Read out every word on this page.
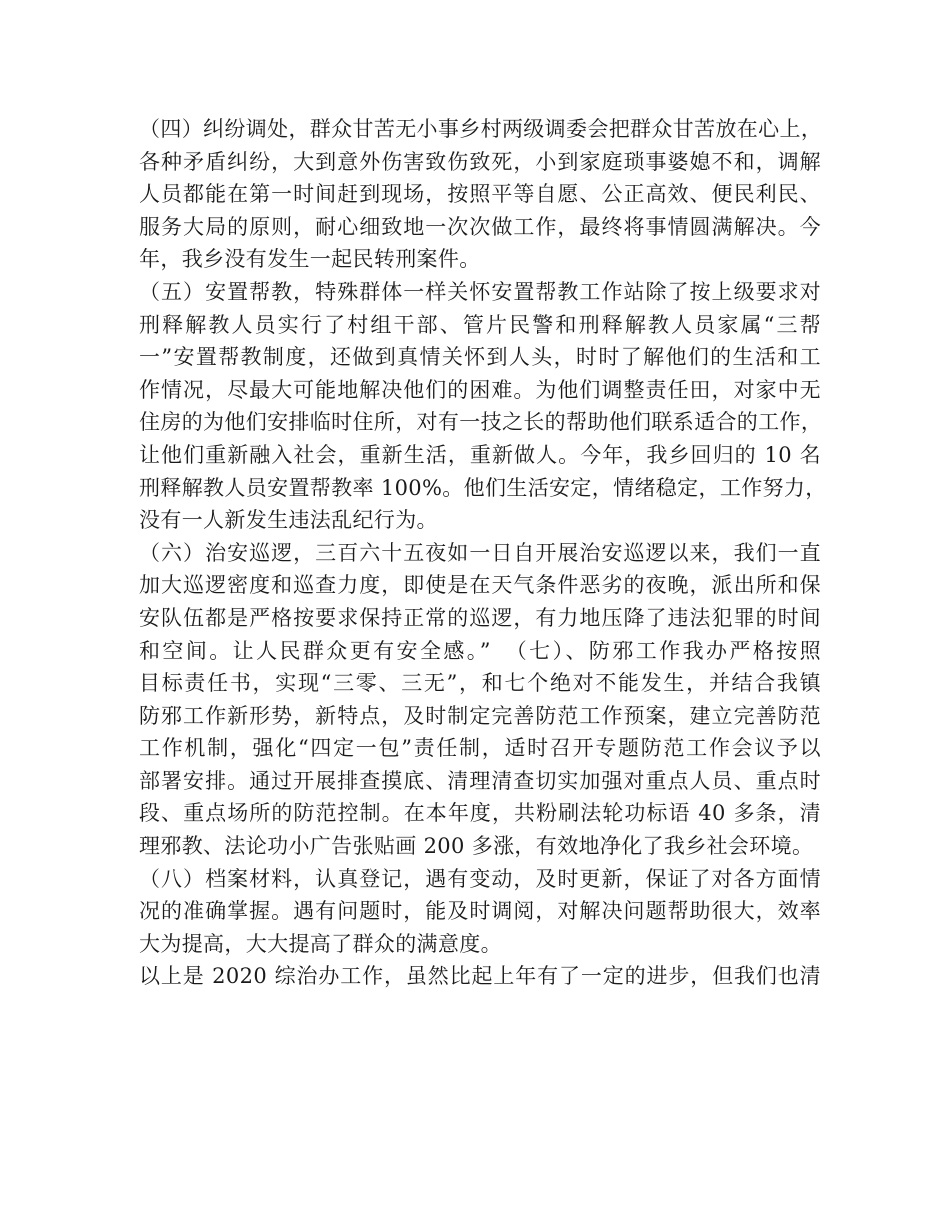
（四）纠纷调处，群众甘苦无小事乡村两级调委会把群众甘苦放在心上，
各种矛盾纠纷，大到意外伤害致伤致死，小到家庭琐事婆媳不和，调解
人员都能在第一时间赶到现场，按照平等自愿、公正高效、便民利民、
服务大局的原则，耐心细致地一次次做工作，最终将事情圆满解决。今
年，我乡没有发生一起民转刑案件。
（五）安置帮教，特殊群体一样关怀安置帮教工作站除了按上级要求对
刑释解教人员实行了村组干部、管片民警和刑释解教人员家属“三帮
一”安置帮教制度，还做到真情关怀到人头，时时了解他们的生活和工
作情况，尽最大可能地解决他们的困难。为他们调整责任田，对家中无
住房的为他们安排临时住所，对有一技之长的帮助他们联系适合的工作，
让他们重新融入社会，重新生活，重新做人。今年，我乡回归的 10 名
刑释解教人员安置帮教率 100%。他们生活安定，情绪稳定，工作努力，
没有一人新发生违法乱纪行为。
（六）治安巡逻，三百六十五夜如一日自开展治安巡逻以来，我们一直
加大巡逻密度和巡查力度，即使是在天气条件恶劣的夜晚，派出所和保
安队伍都是严格按要求保持正常的巡逻，有力地压降了违法犯罪的时间
和空间。让人民群众更有安全感。”　（七）、防邪工作我办严格按照
目标责任书，实现“三零、三无”，和七个绝对不能发生，并结合我镇
防邪工作新形势，新特点，及时制定完善防范工作预案，建立完善防范
工作机制，强化“四定一包”责任制，适时召开专题防范工作会议予以
部署安排。通过开展排查摸底、清理清查切实加强对重点人员、重点时
段、重点场所的防范控制。在本年度，共粉刷法轮功标语 40 多条，清
理邪教、法论功小广告张贴画 200 多涨，有效地净化了我乡社会环境。
（八）档案材料，认真登记，遇有变动，及时更新，保证了对各方面情
况的准确掌握。遇有问题时，能及时调阅，对解决问题帮助很大，效率
大为提高，大大提高了群众的满意度。
以上是 2020 综治办工作，虽然比起上年有了一定的进步，但我们也清
